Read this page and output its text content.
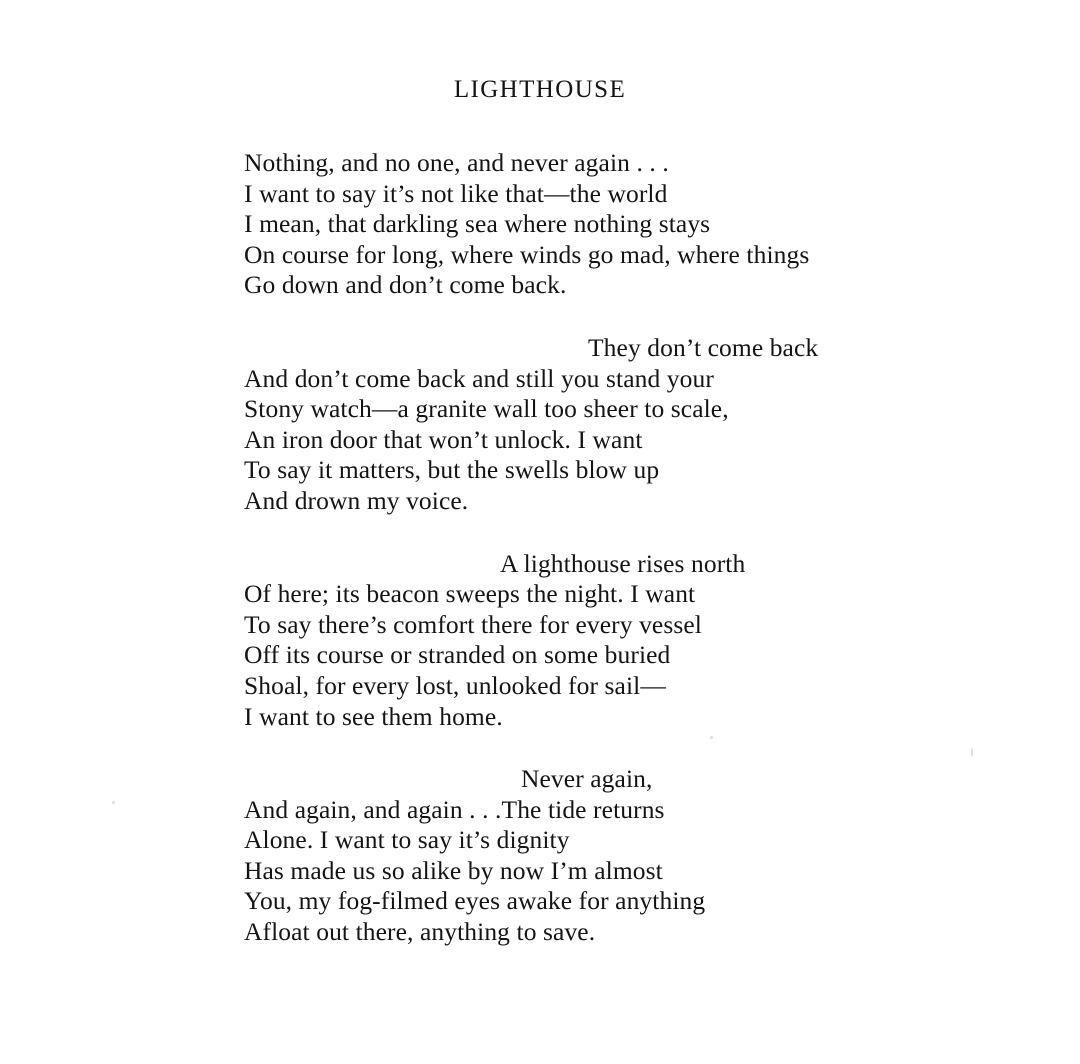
LIGHTHOUSE
Nothing, and no one, and never again . . .
I want to say it’s not like that—the world
I mean, that darkling sea where nothing stays
On course for long, where winds go mad, where things
Go down and don’t come back.
They don’t come back
And don’t come back and still you stand your
Stony watch—a granite wall too sheer to scale,
An iron door that won’t unlock. I want
To say it matters, but the swells blow up
And drown my voice.
A lighthouse rises north
Of here; its beacon sweeps the night. I want
To say there’s comfort there for every vessel
Off its course or stranded on some buried
Shoal, for every lost, unlooked for sail—
I want to see them home.
Never again,
And again, and again . . .The tide returns
Alone. I want to say it’s dignity
Has made us so alike by now I’m almost
You, my fog-filmed eyes awake for anything
Afloat out there, anything to save.
